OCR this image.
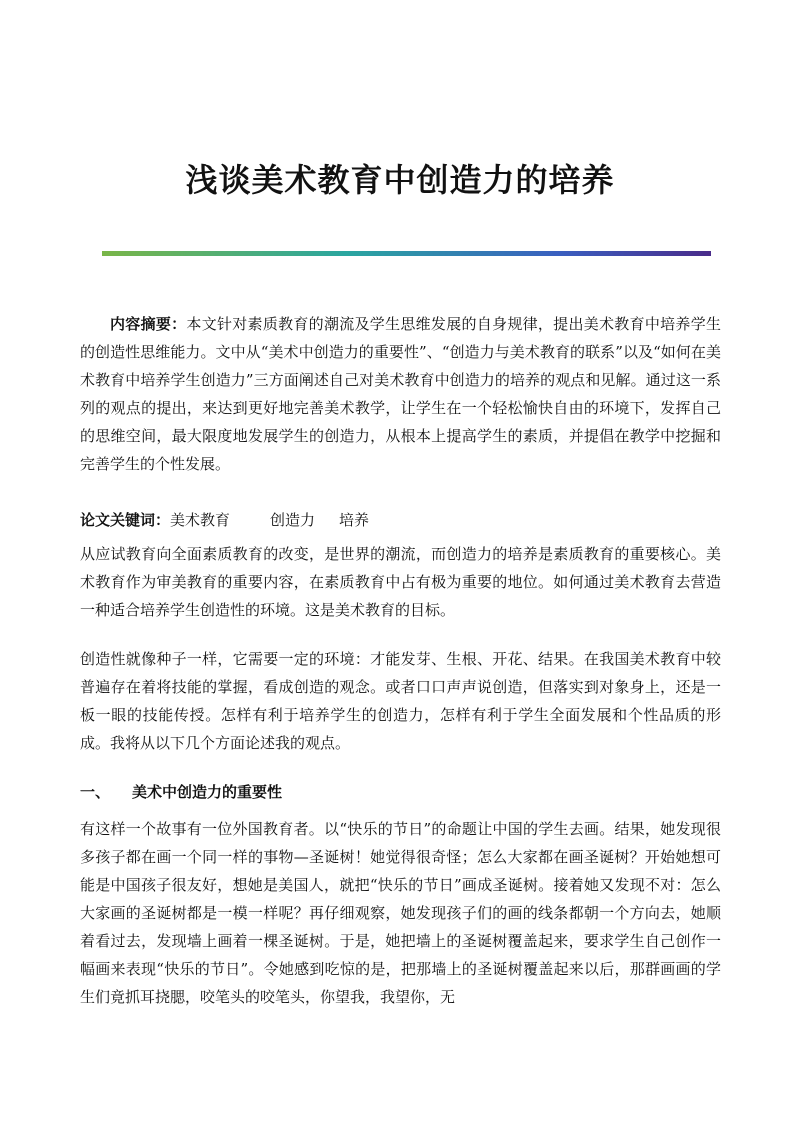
浅谈美术教育中创造力的培养
内容摘要：本文针对素质教育的潮流及学生思维发展的自身规律，提出美术教育中培养学生的创造性思维能力。文中从“美术中创造力的重要性”、“创造力与美术教育的联系”以及“如何在美术教育中培养学生创造力”三方面阐述自己对美术教育中创造力的培养的观点和见解。通过这一系列的观点的提出，来达到更好地完善美术教学，让学生在一个轻松愉快自由的环境下，发挥自己的思维空间，最大限度地发展学生的创造力，从根本上提高学生的素质，并提倡在教学中挖掘和完善学生的个性发展。
论文关键词：美术教育	创造力 培养
从应试教育向全面素质教育的改变，是世界的潮流，而创造力的培养是素质教育的重要核心。美术教育作为审美教育的重要内容，在素质教育中占有极为重要的地位。如何通过美术教育去营造一种适合培养学生创造性的环境。这是美术教育的目标。
创造性就像种子一样，它需要一定的环境：才能发芽、生根、开花、结果。在我国美术教育中较普遍存在着将技能的掌握，看成创造的观念。或者口口声声说创造，但落实到对象身上，还是一板一眼的技能传授。怎样有利于培养学生的创造力，怎样有利于学生全面发展和个性品质的形成。我将从以下几个方面论述我的观点。
一、 美术中创造力的重要性
有这样一个故事有一位外国教育者。以“快乐的节日”的命题让中国的学生去画。结果，她发现很多孩子都在画一个同一样的事物—圣诞树！她觉得很奇怪；怎么大家都在画圣诞树？开始她想可能是中国孩子很友好，想她是美国人，就把“快乐的节日”画成圣诞树。接着她又发现不对：怎么大家画的圣诞树都是一模一样呢？再仔细观察，她发现孩子们的画的线条都朝一个方向去，她顺着看过去，发现墙上画着一棵圣诞树。于是，她把墙上的圣诞树覆盖起来，要求学生自己创作一幅画来表现“快乐的节日”。令她感到吃惊的是，把那墙上的圣诞树覆盖起来以后，那群画画的学生们竟抓耳挠腮，咬笔头的咬笔头，你望我，我望你，无
